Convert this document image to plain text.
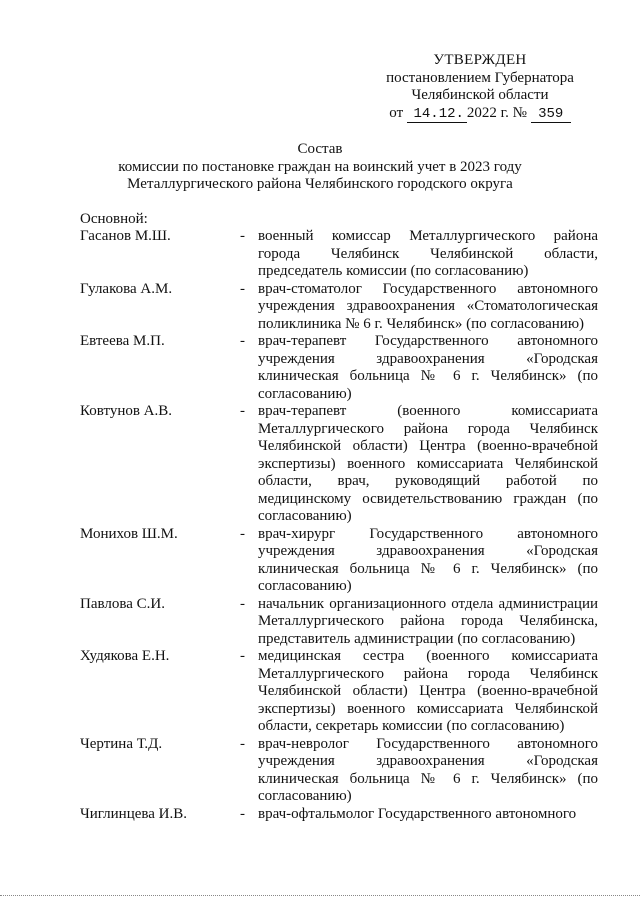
УТВЕРЖДЕН
постановлением Губернатора
Челябинской области
от 14.12. 2022 г. № 359
Состав
комиссии по постановке граждан на воинский учет в 2023 году
Металлургического района Челябинского городского округа
Основной:
Гасанов М.Ш.	- военный комиссар Металлургического района города Челябинск Челябинской области, председатель комиссии (по согласованию)
Гулакова А.М.	- врач-стоматолог Государственного автономного учреждения здравоохранения «Стоматологическая поликлиника № 6 г. Челябинск» (по согласованию)
Евтеева М.П.	- врач-терапевт Государственного автономного учреждения здравоохранения «Городская клиническая больница № 6 г. Челябинск» (по согласованию)
Ковтунов А.В.	- врач-терапевт (военного комиссариата Металлургического района города Челябинск Челябинской области) Центра (военно-врачебной экспертизы) военного комиссариата Челябинской области, врач, руководящий работой по медицинскому освидетельствованию граждан (по согласованию)
Монихов Ш.М.	- врач-хирург Государственного автономного учреждения здравоохранения «Городская клиническая больница № 6 г. Челябинск» (по согласованию)
Павлова С.И.	- начальник организационного отдела администрации Металлургического района города Челябинска, представитель администрации (по согласованию)
Худякова Е.Н.	- медицинская сестра (военного комиссариата Металлургического района города Челябинск Челябинской области) Центра (военно-врачебной экспертизы) военного комиссариата Челябинской области, секретарь комиссии (по согласованию)
Чертина Т.Д.	- врач-невролог Государственного автономного учреждения здравоохранения «Городская клиническая больница № 6 г. Челябинск» (по согласованию)
Чиглинцева И.В.	- врач-офтальмолог Государственного автономного
